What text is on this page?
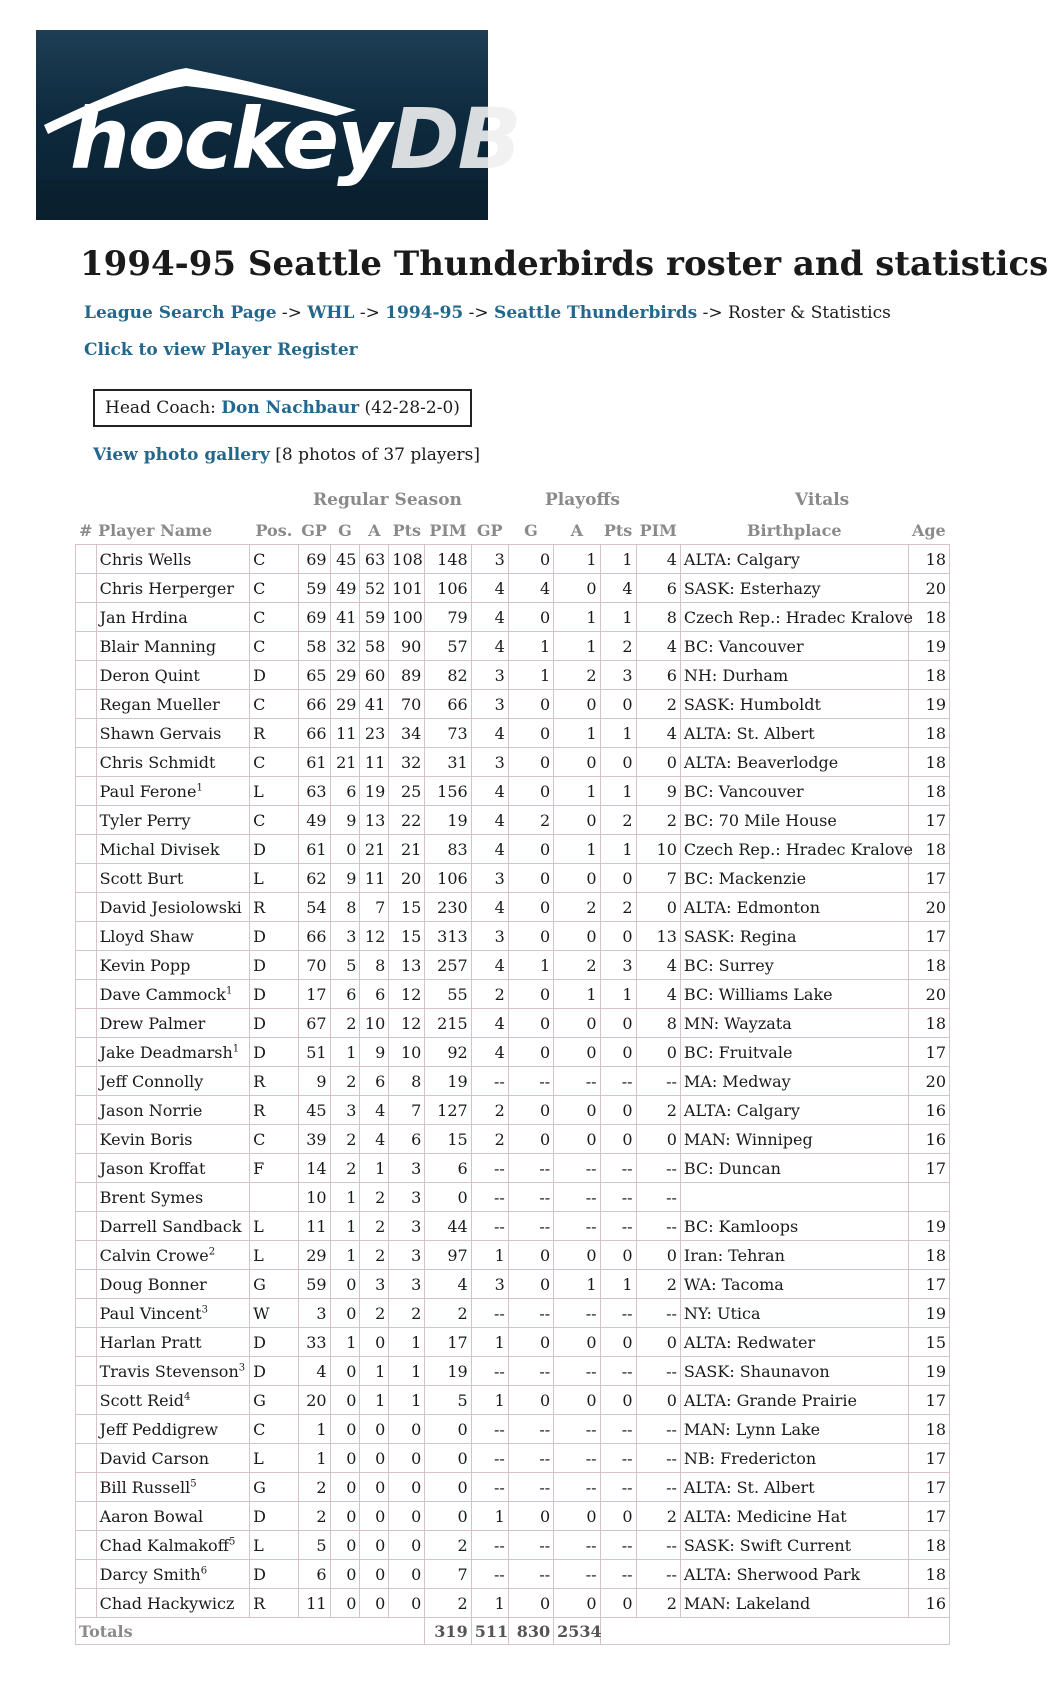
hockeyDB.com
1994-95 Seattle Thunderbirds roster and statistics
League Search Page -> WHL -> 1994-95 -> Seattle Thunderbirds -> Roster & Statistics
Click to view Player Register
Head Coach: Don Nachbaur (42-28-2-0)
View photo gallery [8 photos of 37 players]
Regular Season	Playoffs	Vitals
#	Player Name	Pos.	GP	G	A	Pts	PIM	GP	G	A	Pts	PIM	Birthplace	Age
	Chris Wells	C	69	45	63	108	148	3	0	1	1	4	ALTA: Calgary	18
	Chris Herperger	C	59	49	52	101	106	4	4	0	4	6	SASK: Esterhazy	20
	Jan Hrdina	C	69	41	59	100	79	4	0	1	1	8	Czech Rep.: Hradec Kralove	18
	Blair Manning	C	58	32	58	90	57	4	1	1	2	4	BC: Vancouver	19
	Deron Quint	D	65	29	60	89	82	3	1	2	3	6	NH: Durham	18
	Regan Mueller	C	66	29	41	70	66	3	0	0	0	2	SASK: Humboldt	19
	Shawn Gervais	R	66	11	23	34	73	4	0	1	1	4	ALTA: St. Albert	18
	Chris Schmidt	C	61	21	11	32	31	3	0	0	0	0	ALTA: Beaverlodge	18
	Paul Ferone$^1$	L	63	6	19	25	156	4	0	1	1	9	BC: Vancouver	18
	Tyler Perry	C	49	9	13	22	19	4	2	0	2	2	BC: 70 Mile House	17
	Michal Divisek	D	61	0	21	21	83	4	0	1	1	10	Czech Rep.: Hradec Kralove	18
	Scott Burt	L	62	9	11	20	106	3	0	0	0	7	BC: Mackenzie	17
	David Jesiolowski	R	54	8	7	15	230	4	0	2	2	0	ALTA: Edmonton	20
	Lloyd Shaw	D	66	3	12	15	313	3	0	0	0	13	SASK: Regina	17
	Kevin Popp	D	70	5	8	13	257	4	1	2	3	4	BC: Surrey	18
	Dave Cammock$^1$	D	17	6	6	12	55	2	0	1	1	4	BC: Williams Lake	20
	Drew Palmer	D	67	2	10	12	215	4	0	0	0	8	MN: Wayzata	18
	Jake Deadmarsh$^1$	D	51	1	9	10	92	4	0	0	0	0	BC: Fruitvale	17
	Jeff Connolly	R	9	2	6	8	19	--	--	--	--	--	MA: Medway	20
	Jason Norrie	R	45	3	4	7	127	2	0	0	0	2	ALTA: Calgary	16
	Kevin Boris	C	39	2	4	6	15	2	0	0	0	0	MAN: Winnipeg	16
	Jason Kroffat	F	14	2	1	3	6	--	--	--	--	--	BC: Duncan	17
	Brent Symes		10	1	2	3	0	--	--	--	--	--		
	Darrell Sandback	L	11	1	2	3	44	--	--	--	--	--	BC: Kamloops	19
	Calvin Crowe$^2$	L	29	1	2	3	97	1	0	0	0	0	Iran: Tehran	18
	Doug Bonner	G	59	0	3	3	4	3	0	1	1	2	WA: Tacoma	17
	Paul Vincent$^3$	W	3	0	2	2	2	--	--	--	--	--	NY: Utica	19
	Harlan Pratt	D	33	1	0	1	17	1	0	0	0	0	ALTA: Redwater	15
	Travis Stevenson$^3$	D	4	0	1	1	19	--	--	--	--	--	SASK: Shaunavon	19
	Scott Reid$^4$	G	20	0	1	1	5	1	0	0	0	0	ALTA: Grande Prairie	17
	Jeff Peddigrew	C	1	0	0	0	0	--	--	--	--	--	MAN: Lynn Lake	18
	David Carson	L	1	0	0	0	0	--	--	--	--	--	NB: Fredericton	17
	Bill Russell$^5$	G	2	0	0	0	0	--	--	--	--	--	ALTA: St. Albert	17
	Aaron Bowal	D	2	0	0	0	0	1	0	0	0	2	ALTA: Medicine Hat	17
	Chad Kalmakoff$^5$	L	5	0	0	0	2	--	--	--	--	--	SASK: Swift Current	18
	Darcy Smith$^6$	D	6	0	0	0	7	--	--	--	--	--	ALTA: Sherwood Park	18
	Chad Hackywicz	R	11	0	0	0	2	1	0	0	0	2	MAN: Lakeland	16
Totals							319	511	830	2534				
